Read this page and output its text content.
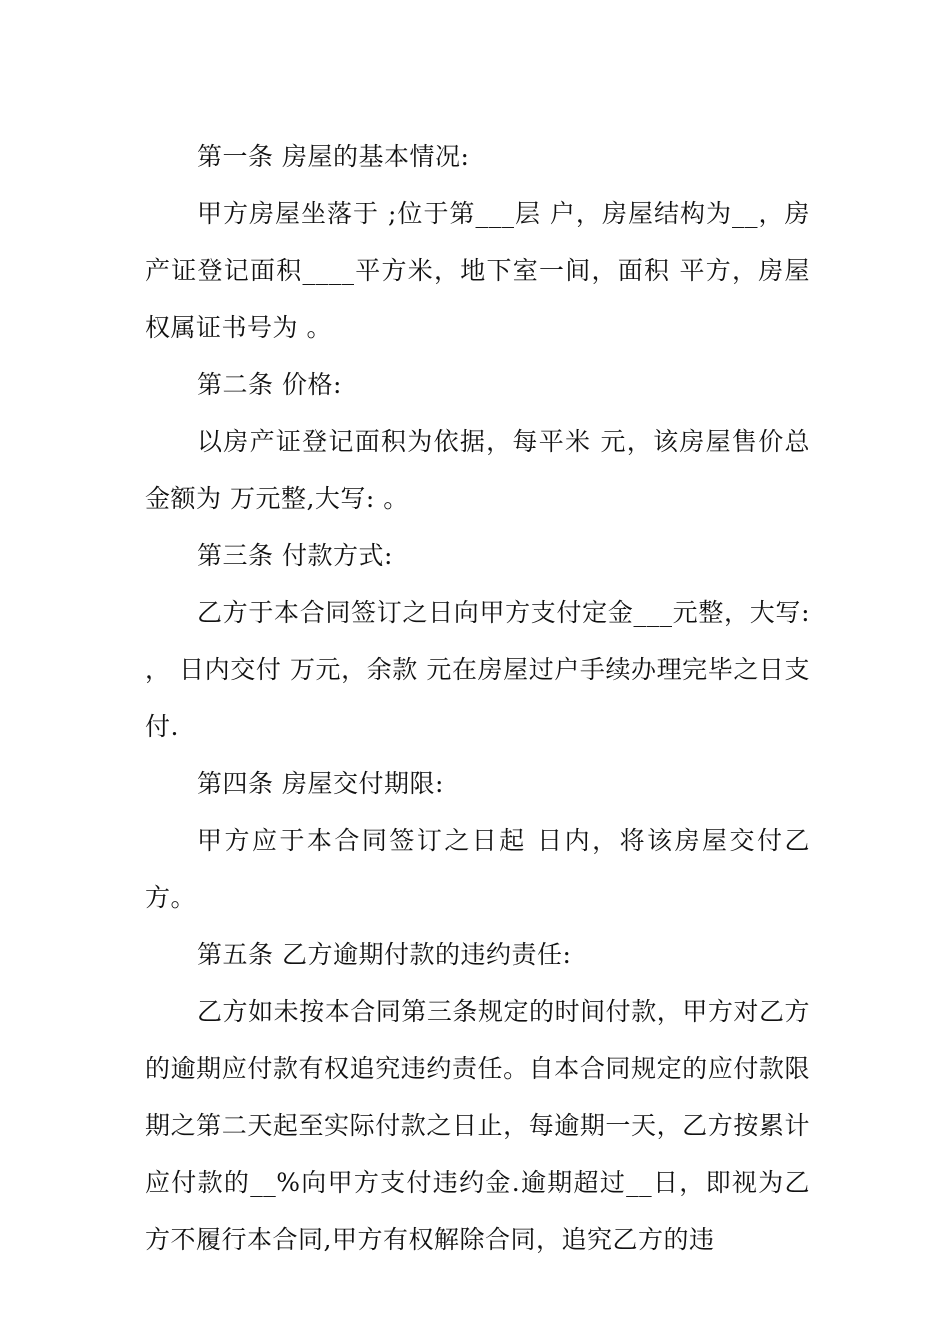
第一条 房屋的基本情况:

甲方房屋坐落于 ;位于第___层 户，房屋结构为__，房产证登记面积____平方米，地下室一间，面积 平方，房屋权属证书号为 。

第二条 价格:

以房产证登记面积为依据，每平米 元，该房屋售价总金额为 万元整,大写: 。

第三条 付款方式:

乙方于本合同签订之日向甲方支付定金___元整，大写: ， 日内交付 万元，余款 元在房屋过户手续办理完毕之日支付.

第四条 房屋交付期限:

甲方应于本合同签订之日起 日内，将该房屋交付乙方。

第五条 乙方逾期付款的违约责任:

乙方如未按本合同第三条规定的时间付款，甲方对乙方的逾期应付款有权追究违约责任。自本合同规定的应付款限期之第二天起至实际付款之日止，每逾期一天，乙方按累计应付款的__%向甲方支付违约金.逾期超过__日，即视为乙方不履行本合同,甲方有权解除合同，追究乙方的违
